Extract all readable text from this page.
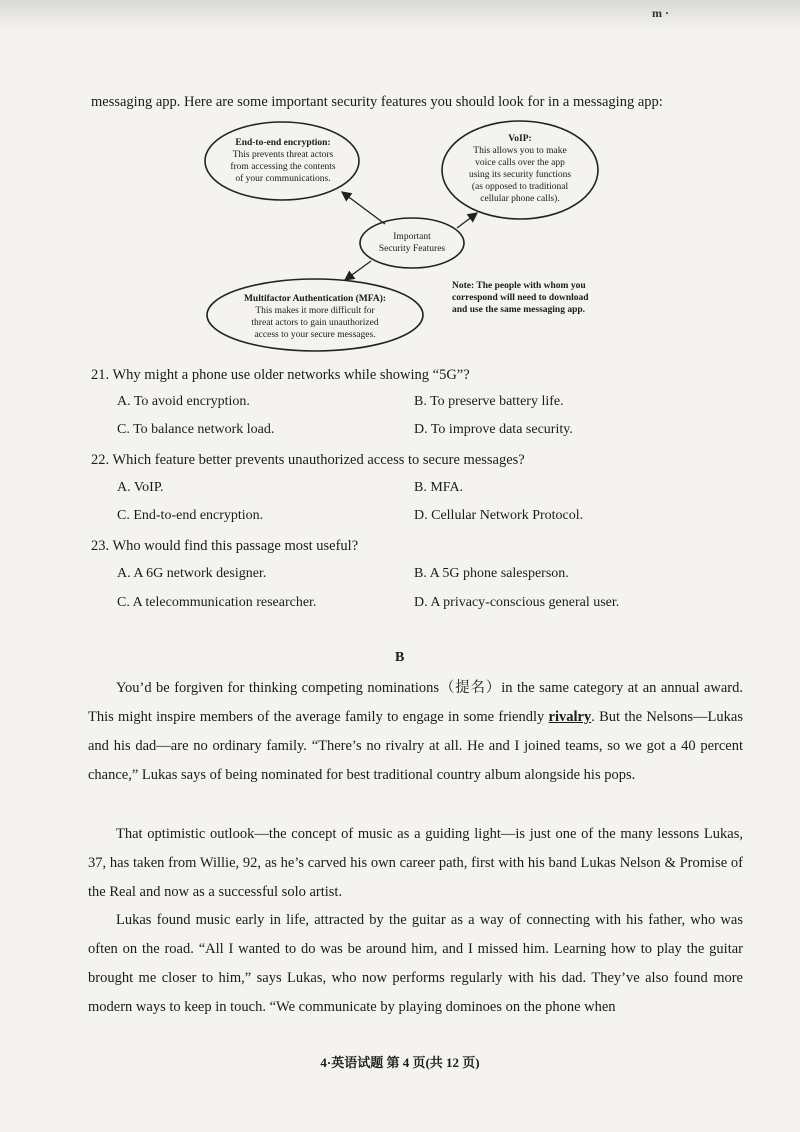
m ·
messaging app. Here are some important security features you should look for in a messaging app:
End-to-end encryption:
This prevents threat actors
from accessing the contents
of your communications.
VoIP:
This allows you to make
voice calls over the app
using its security functions
(as opposed to traditional
cellular phone calls).
Important
Security Features
Multifactor Authentication (MFA):
This makes it more difficult for
threat actors to gain unauthorized
access to your secure messages.
Note: The people with whom you
correspond will need to download
and use the same messaging app.
21. Why might a phone use older networks while showing “5G”?
A. To avoid encryption.	B. To preserve battery life.
C. To balance network load.	D. To improve data security.
22. Which feature better prevents unauthorized access to secure messages?
A. VoIP.	B. MFA.
C. End-to-end encryption.	D. Cellular Network Protocol.
23. Who would find this passage most useful?
A. A 6G network designer.	B. A 5G phone salesperson.
C. A telecommunication researcher.	D. A privacy-conscious general user.
B
You’d be forgiven for thinking competing nominations（提名）in the same category at an annual award. This might inspire members of the average family to engage in some friendly rivalry. But the Nelsons—Lukas and his dad—are no ordinary family. “There’s no rivalry at all. He and I joined teams, so we got a 40 percent chance,” Lukas says of being nominated for best traditional country album alongside his pops.
That optimistic outlook—the concept of music as a guiding light—is just one of the many lessons Lukas, 37, has taken from Willie, 92, as he’s carved his own career path, first with his band Lukas Nelson & Promise of the Real and now as a successful solo artist.
Lukas found music early in life, attracted by the guitar as a way of connecting with his father, who was often on the road. “All I wanted to do was be around him, and I missed him. Learning how to play the guitar brought me closer to him,” says Lukas, who now performs regularly with his dad. They’ve also found more modern ways to keep in touch. “We communicate by playing dominoes on the phone when
4·英语试题 第 4 页(共 12 页)
